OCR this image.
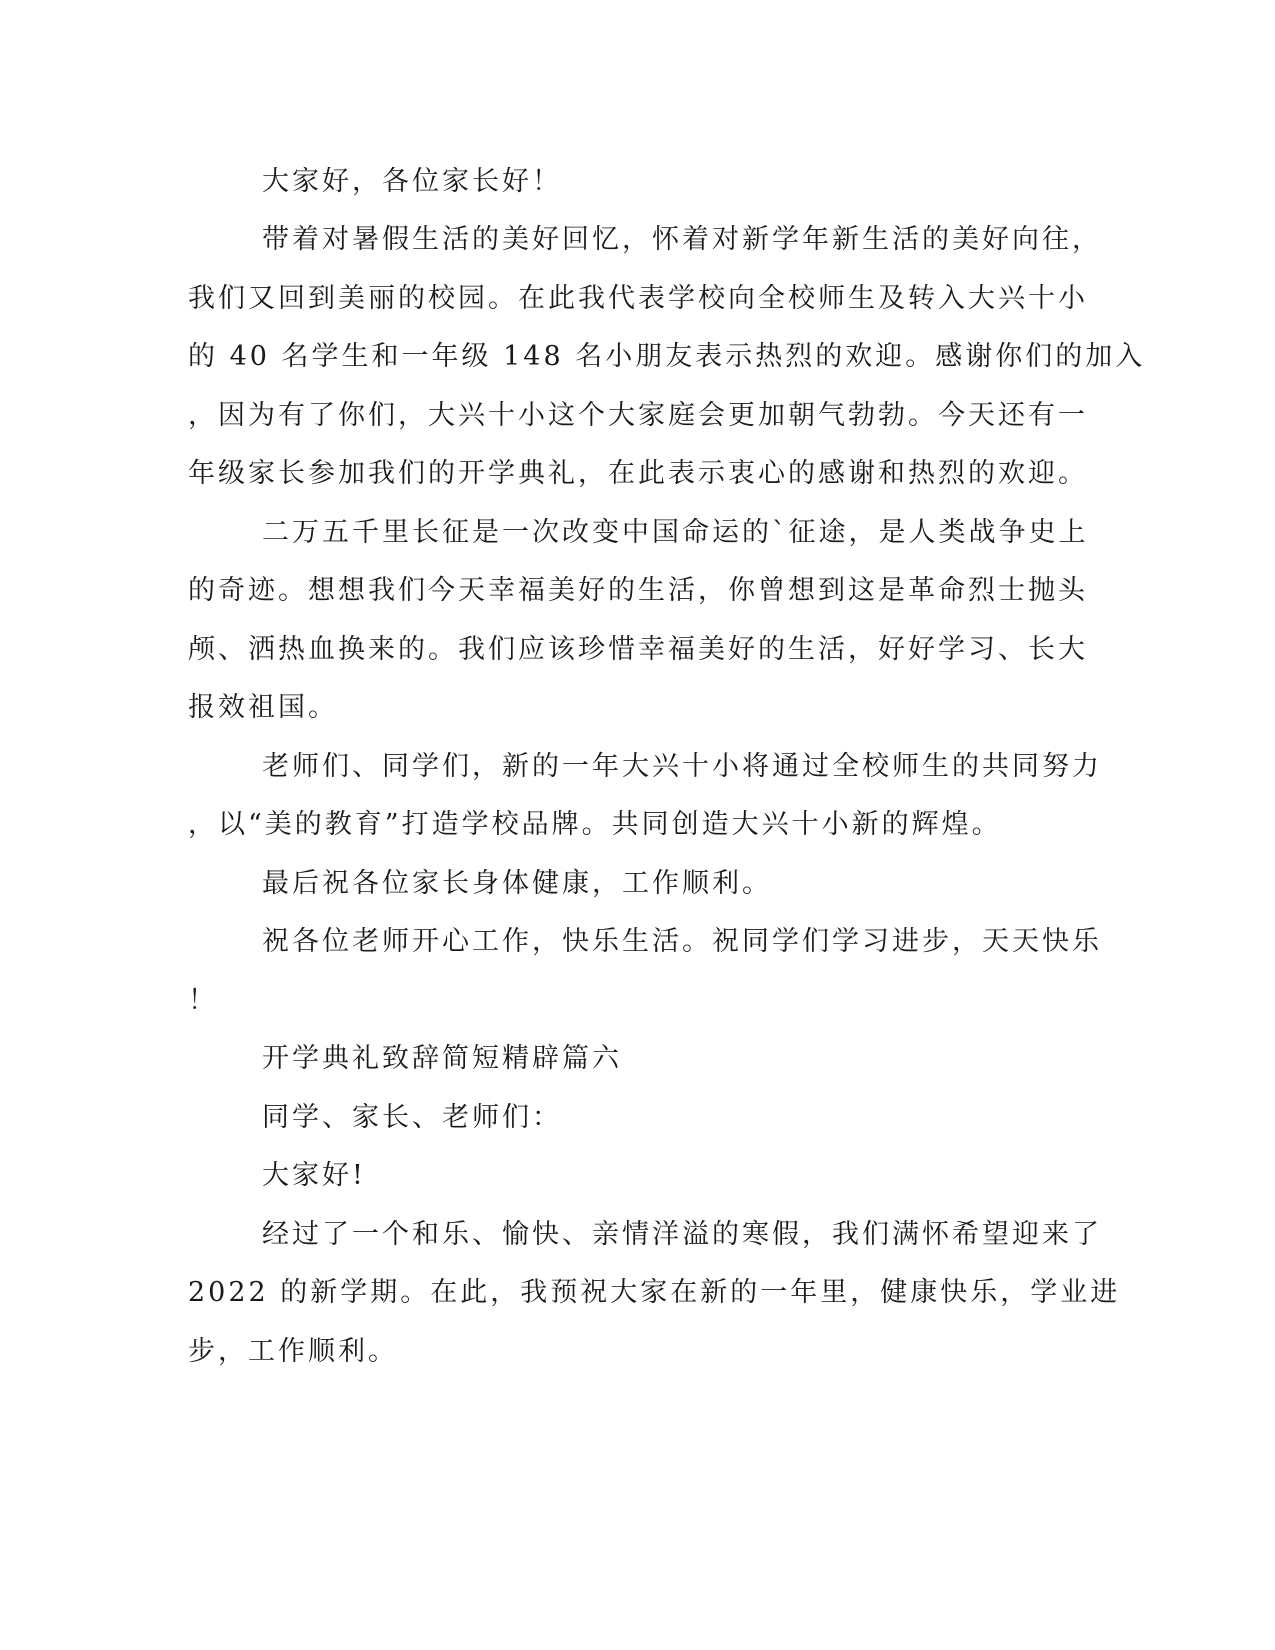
大家好，各位家长好！
带着对暑假生活的美好回忆，怀着对新学年新生活的美好向往，
我们又回到美丽的校园。在此我代表学校向全校师生及转入大兴十小
的 40 名学生和一年级 148 名小朋友表示热烈的欢迎。感谢你们的加入
，因为有了你们，大兴十小这个大家庭会更加朝气勃勃。今天还有一
年级家长参加我们的开学典礼，在此表示衷心的感谢和热烈的欢迎。
二万五千里长征是一次改变中国命运的`征途，是人类战争史上
的奇迹。想想我们今天幸福美好的生活，你曾想到这是革命烈士抛头
颅、洒热血换来的。我们应该珍惜幸福美好的生活，好好学习、长大
报效祖国。
老师们、同学们，新的一年大兴十小将通过全校师生的共同努力
，以“美的教育”打造学校品牌。共同创造大兴十小新的辉煌。
最后祝各位家长身体健康，工作顺利。
祝各位老师开心工作，快乐生活。祝同学们学习进步，天天快乐
！
开学典礼致辞简短精辟篇六
同学、家长、老师们：
大家好!
经过了一个和乐、愉快、亲情洋溢的寒假，我们满怀希望迎来了
2022 的新学期。在此，我预祝大家在新的一年里，健康快乐，学业进
步，工作顺利。
